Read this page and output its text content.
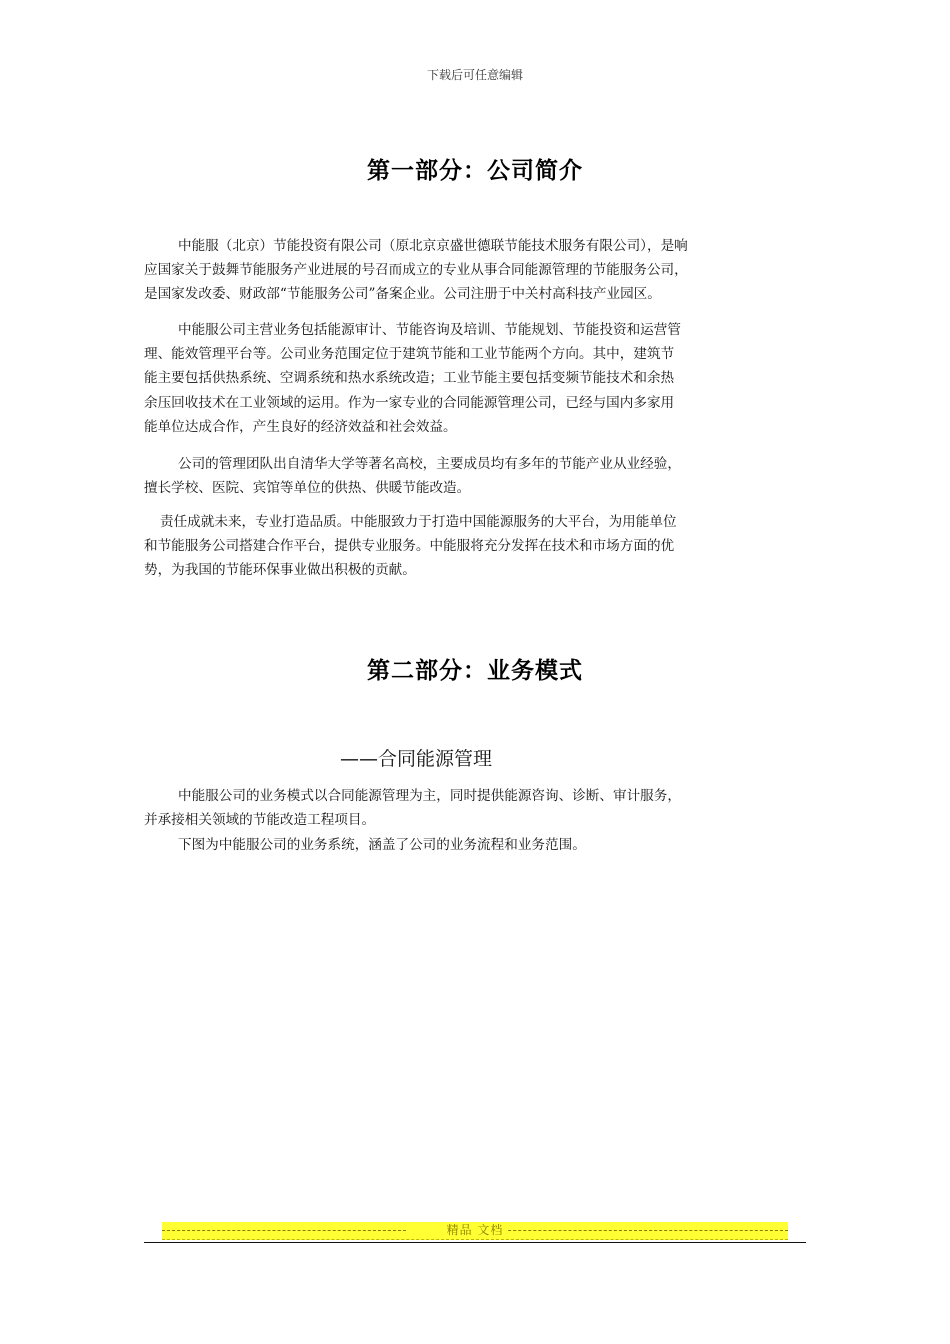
下载后可任意编辑
第一部分：公司简介
中能服（北京）节能投资有限公司（原北京京盛世德联节能技术服务有限公司），是响
应国家关于鼓舞节能服务产业进展的号召而成立的专业从事合同能源管理的节能服务公司，
是国家发改委、财政部“节能服务公司”备案企业。公司注册于中关村高科技产业园区。
中能服公司主营业务包括能源审计、节能咨询及培训、节能规划、节能投资和运营管
理、能效管理平台等。公司业务范围定位于建筑节能和工业节能两个方向。其中，建筑节
能主要包括供热系统、空调系统和热水系统改造；工业节能主要包括变频节能技术和余热
余压回收技术在工业领域的运用。作为一家专业的合同能源管理公司，已经与国内多家用
能单位达成合作，产生良好的经济效益和社会效益。
公司的管理团队出自清华大学等著名高校，主要成员均有多年的节能产业从业经验，
擅长学校、医院、宾馆等单位的供热、供暖节能改造。
责任成就未来，专业打造品质。中能服致力于打造中国能源服务的大平台，为用能单位
和节能服务公司搭建合作平台，提供专业服务。中能服将充分发挥在技术和市场方面的优
势，为我国的节能环保事业做出积极的贡献。
第二部分：业务模式
——合同能源管理
中能服公司的业务模式以合同能源管理为主，同时提供能源咨询、诊断、审计服务，
并承接相关领域的节能改造工程项目。
下图为中能服公司的业务系统，涵盖了公司的业务流程和业务范围。
精品 文档
